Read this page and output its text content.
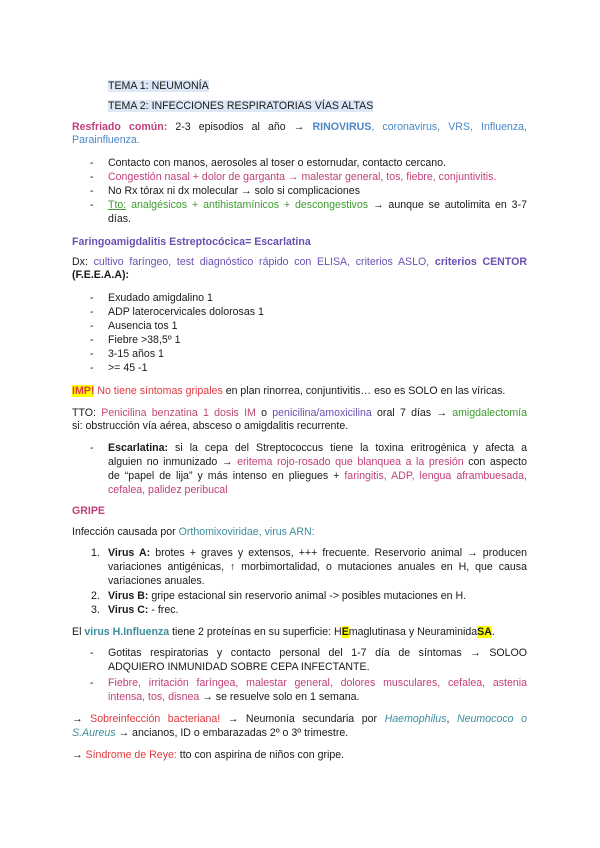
TEMA 1: NEUMONÍA
TEMA 2: INFECCIONES RESPIRATORIAS VÍAS ALTAS
Resfriado común: 2-3 episodios al año → RINOVIRUS, coronavirus, VRS, Influenza,
Parainfluenza.
- Contacto con manos, aerosoles al toser o estornudar, contacto cercano.
- Congestión nasal + dolor de garganta → malestar general, tos, fiebre, conjuntivitis.
- No Rx tórax ni dx molecular → solo si complicaciones
- Tto: analgésicos + antihistamínicos + descongestivos → aunque se autolimita en 3-7
días.
Faringoamigdalitis Estreptocócica= Escarlatina
Dx: cultivo faríngeo, test diagnóstico rápido con ELISA, criterios ASLO, criterios CENTOR
(F.E.E.A.A):
- Exudado amigdalino 1
- ADP laterocervicales dolorosas 1
- Ausencia tos 1
- Fiebre >38,5º 1
- 3-15 años 1
- >= 45 -1
IMP! No tiene síntomas gripales en plan rinorrea, conjuntivitis… eso es SOLO en las víricas.
TTO: Penicilina benzatina 1 dosis IM o penicilina/amoxicilina oral 7 días → amigdalectomía
si: obstrucción vía aérea, absceso o amigdalitis recurrente.
- Escarlatina: si la cepa del Streptococcus tiene la toxina eritrogénica y afecta a
alguien no inmunizado → eritema rojo-rosado que blanquea a la presión con aspecto
de “papel de lija” y más intenso en pliegues + faringitis, ADP, lengua aframbuesada,
cefalea, palidez peribucal
GRIPE
Infección causada por Orthomixoviridae, virus ARN:
1. Virus A: brotes + graves y extensos, +++ frecuente. Reservorio animal → producen
variaciones antigénicas, ↑ morbimortalidad, o mutaciones anuales en H, que causa
variaciones anuales.
2. Virus B: gripe estacional sin reservorio animal -> posibles mutaciones en H.
3. Virus C: - frec.
El virus H.Influenza tiene 2 proteínas en su superficie: HEmaglutinasa y NeuraminidaSA.
- Gotitas respiratorias y contacto personal del 1-7 día de síntomas → SOLOO
ADQUIERO INMUNIDAD SOBRE CEPA INFECTANTE.
- Fiebre, irritación faríngea, malestar general, dolores musculares, cefalea, astenia
intensa, tos, disnea → se resuelve solo en 1 semana.
→ Sobreinfección bacteriana! → Neumonía secundaria por Haemophilus, Neumococo o
S.Aureus → ancianos, ID o embarazadas 2º o 3º trimestre.
→ Síndrome de Reye: tto con aspirina de niños con gripe.
